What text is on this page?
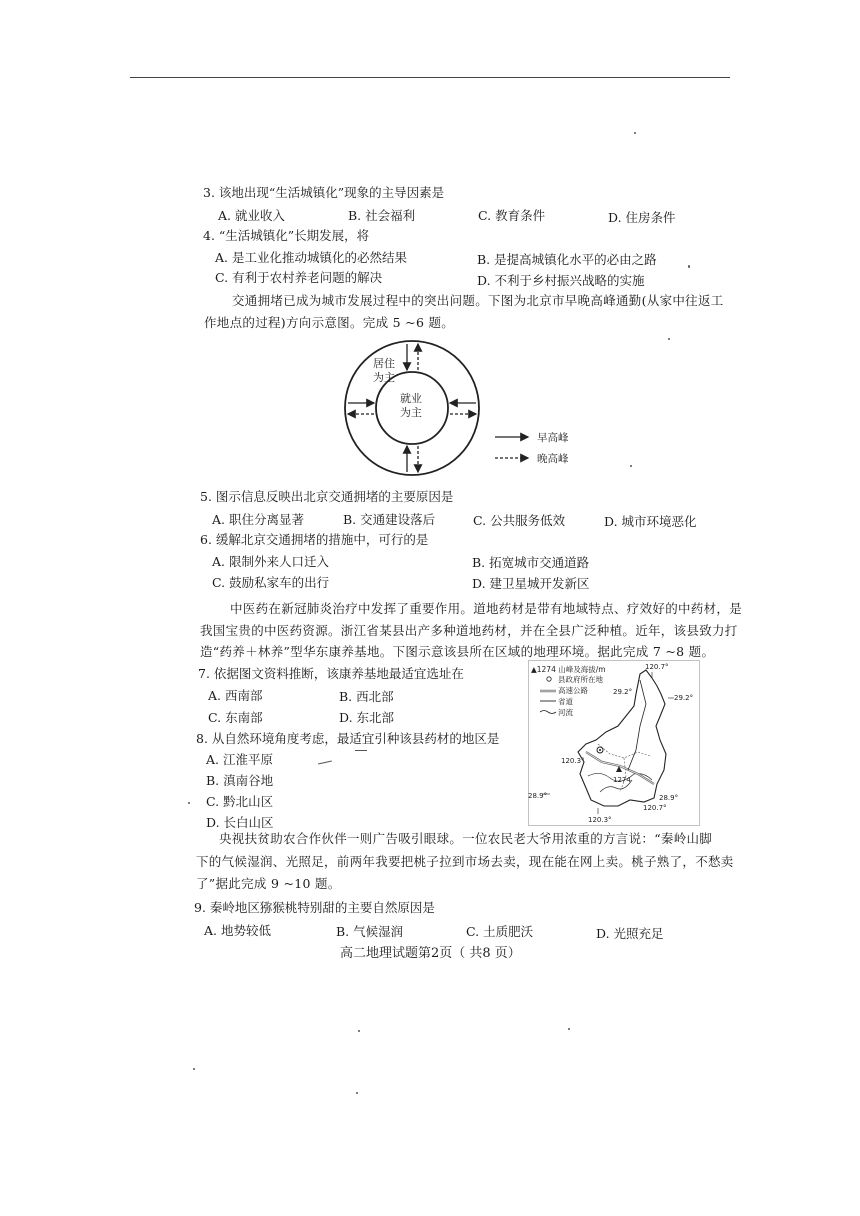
3. 该地出现“生活城镇化”现象的主导因素是
A. 就业收入	B. 社会福利	C. 教育条件	D. 住房条件
4. “生活城镇化”长期发展，将
A. 是工业化推动城镇化的必然结果	B. 是提高城镇化水平的必由之路
C. 有利于农村养老问题的解决	D. 不利于乡村振兴战略的实施
交通拥堵已成为城市发展过程中的突出问题。下图为北京市早晚高峰通勤(从家中往返工
作地点的过程)方向示意图。完成 5 ~6 题。
居住
为主
就业
为主
早高峰
晚高峰
5. 图示信息反映出北京交通拥堵的主要原因是
A. 职住分离显著	B. 交通建设落后	C. 公共服务低效	D. 城市环境恶化
6. 缓解北京交通拥堵的措施中，可行的是
A. 限制外来人口迁入	B. 拓宽城市交通道路
C. 鼓励私家车的出行	D. 建卫星城开发新区
中医药在新冠肺炎治疗中发挥了重要作用。道地药材是带有地域特点、疗效好的中药材，是
我国宝贵的中医药资源。浙江省某县出产多种道地药材，并在全县广泛种植。近年，该县致力打
造“药养＋林养”型华东康养基地。下图示意该县所在区域的地理环境。据此完成 7 ~8 题。
7. 依据图文资料推断，该康养基地最适宜选址在
A. 西南部	B. 西北部
C. 东南部	D. 东北部
8. 从自然环境角度考虑，最适宜引种该县药材的地区是
A. 江淮平原
B. 滇南谷地
C. 黔北山区
D. 长白山区
▲1274 山峰及海拔/m
县政府所在地
高速公路
省道
河流
120.7°
29.2°
29.2°
120.3°
28.9°	28.9°
120.3°
120.7°
1274
央视扶贫助农合作伙伴一则广告吸引眼球。一位农民老大爷用浓重的方言说：“秦岭山脚
下的气候湿润、光照足，前两年我要把桃子拉到市场去卖，现在能在网上卖。桃子熟了，不愁卖
了”据此完成 9 ~10 题。
9. 秦岭地区猕猴桃特别甜的主要自然原因是
A. 地势较低	B. 气候湿润	C. 土质肥沃	D. 光照充足
高二地理试题第2页（ 共8 页）
